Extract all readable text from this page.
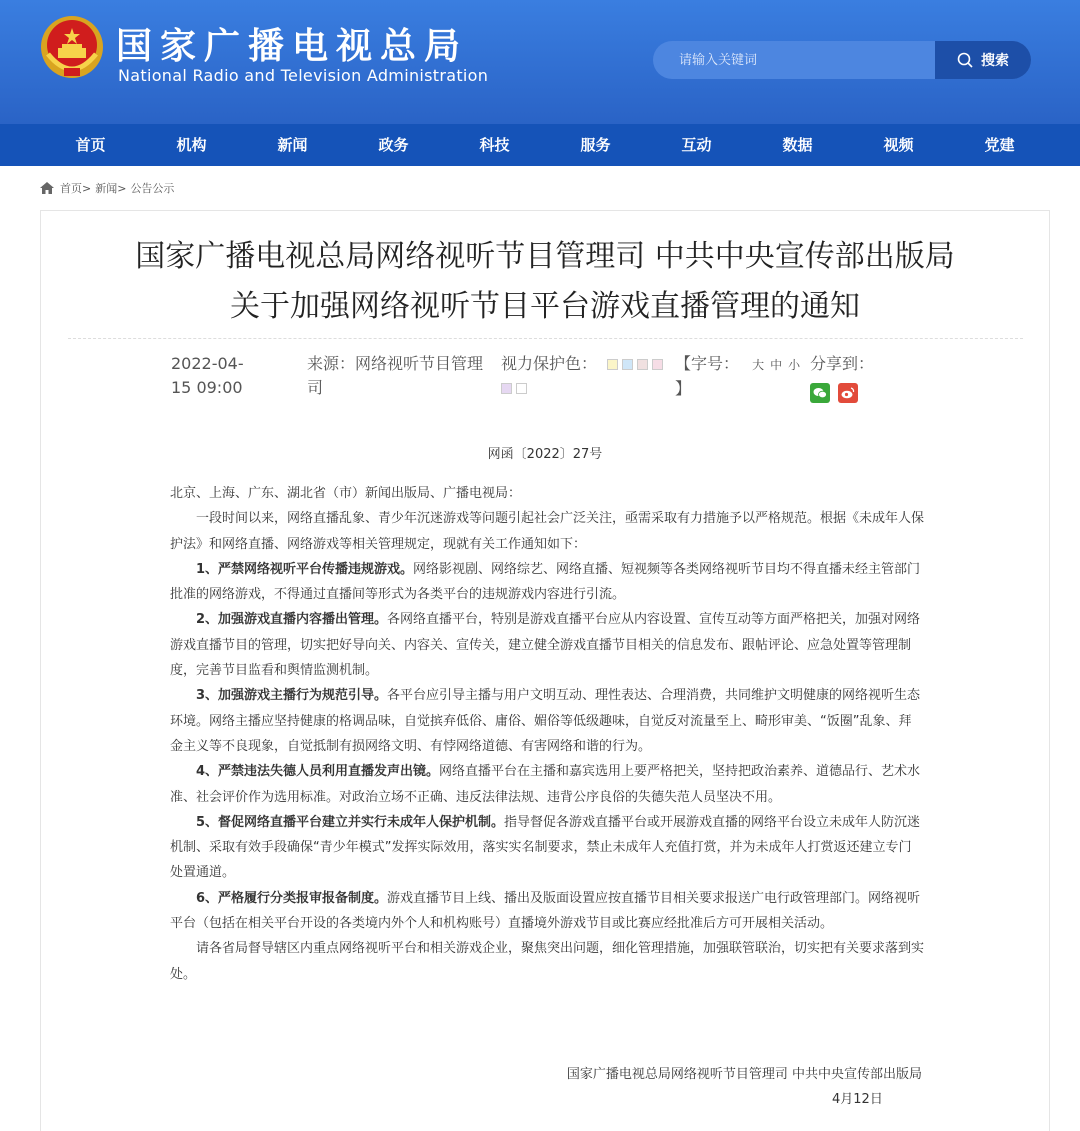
国家广播电视总局
National Radio and Television Administration
请输入关键词
搜索
首页	机构	新闻	政务	科技	服务	互动	数据	视频	党建
首页> 新闻> 公告公示
国家广播电视总局网络视听节目管理司 中共中央宣传部出版局
关于加强网络视听节目平台游戏直播管理的通知
2022-04-
15 09:00
来源：网络视听节目管理
司
视力保护色：	【字号： 大 中 小
】
分享到：
网函〔2022〕27号

北京、上海、广东、湖北省（市）新闻出版局、广播电视局：

一段时间以来，网络直播乱象、青少年沉迷游戏等问题引起社会广泛关注，亟需采取有力措施予以严格规范。根据《未成年人保护法》和网络直播、网络游戏等相关管理规定，现就有关工作通知如下：

1、严禁网络视听平台传播违规游戏。网络影视剧、网络综艺、网络直播、短视频等各类网络视听节目均不得直播未经主管部门批准的网络游戏，不得通过直播间等形式为各类平台的违规游戏内容进行引流。

2、加强游戏直播内容播出管理。各网络直播平台，特别是游戏直播平台应从内容设置、宣传互动等方面严格把关，加强对网络游戏直播节目的管理，切实把好导向关、内容关、宣传关，建立健全游戏直播节目相关的信息发布、跟帖评论、应急处置等管理制度，完善节目监看和舆情监测机制。

3、加强游戏主播行为规范引导。各平台应引导主播与用户文明互动、理性表达、合理消费，共同维护文明健康的网络视听生态环境。网络主播应坚持健康的格调品味，自觉摈弃低俗、庸俗、媚俗等低级趣味，自觉反对流量至上、畸形审美、“饭圈”乱象、拜金主义等不良现象，自觉抵制有损网络文明、有悖网络道德、有害网络和谐的行为。

4、严禁违法失德人员利用直播发声出镜。网络直播平台在主播和嘉宾选用上要严格把关，坚持把政治素养、道德品行、艺术水准、社会评价作为选用标准。对政治立场不正确、违反法律法规、违背公序良俗的失德失范人员坚决不用。

5、督促网络直播平台建立并实行未成年人保护机制。指导督促各游戏直播平台或开展游戏直播的网络平台设立未成年人防沉迷机制、采取有效手段确保“青少年模式”发挥实际效用，落实实名制要求，禁止未成年人充值打赏，并为未成年人打赏返还建立专门处置通道。

6、严格履行分类报审报备制度。游戏直播节目上线、播出及版面设置应按直播节目相关要求报送广电行政管理部门。网络视听平台（包括在相关平台开设的各类境内外个人和机构账号）直播境外游戏节目或比赛应经批准后方可开展相关活动。

请各省局督导辖区内重点网络视听平台和相关游戏企业，聚焦突出问题，细化管理措施，加强联管联治，切实把有关要求落到实处。

国家广播电视总局网络视听节目管理司 中共中央宣传部出版局
4月12日
